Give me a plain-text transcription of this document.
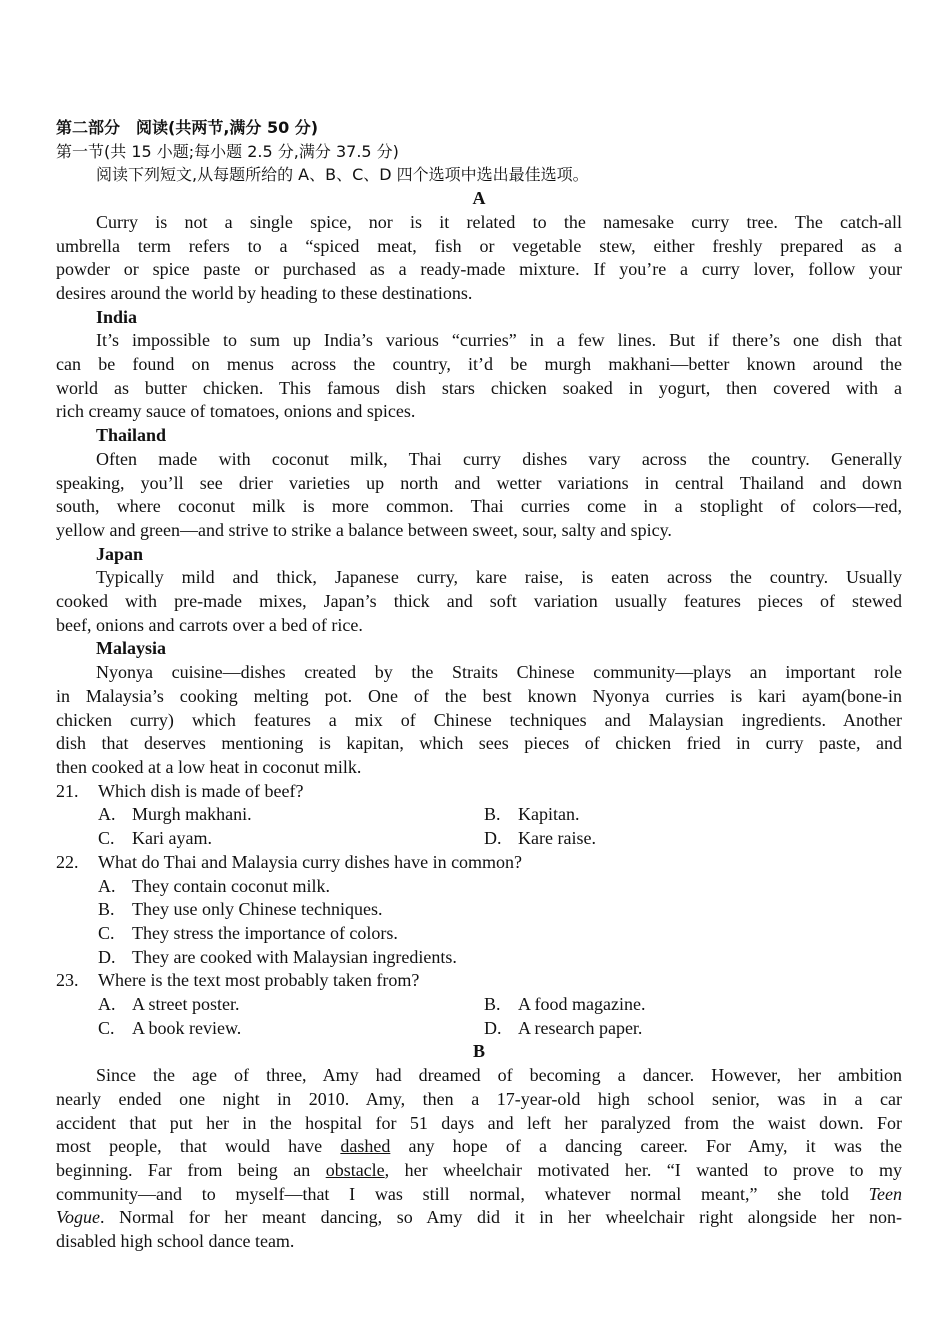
第二部分　阅读(共两节,满分 50 分)
第一节(共 15 小题;每小题 2.5 分,满分 37.5 分)
阅读下列短文,从每题所给的 A、B、C、D 四个选项中选出最佳选项。
A
Curry is not a single spice, nor is it related to the namesake curry tree. The catch-all
umbrella term refers to a “spiced meat, fish or vegetable stew, either freshly prepared as a
powder or spice paste or purchased as a ready-made mixture. If you’re a curry lover, follow your
desires around the world by heading to these destinations.
India
It’s impossible to sum up India’s various “curries” in a few lines. But if there’s one dish that
can be found on menus across the country, it’d be murgh makhani—better known around the
world as butter chicken. This famous dish stars chicken soaked in yogurt, then covered with a
rich creamy sauce of tomatoes, onions and spices.
Thailand
Often made with coconut milk, Thai curry dishes vary across the country. Generally
speaking, you’ll see drier varieties up north and wetter variations in central Thailand and down
south, where coconut milk is more common. Thai curries come in a stoplight of colors—red,
yellow and green—and strive to strike a balance between sweet, sour, salty and spicy.
Japan
Typically mild and thick, Japanese curry, kare raise, is eaten across the country. Usually
cooked with pre-made mixes, Japan’s thick and soft variation usually features pieces of stewed
beef, onions and carrots over a bed of rice.
Malaysia
Nyonya cuisine—dishes created by the Straits Chinese community—plays an important role
in Malaysia’s cooking melting pot. One of the best known Nyonya curries is kari ayam(bone-in
chicken curry) which features a mix of Chinese techniques and Malaysian ingredients. Another
dish that deserves mentioning is kapitan, which sees pieces of chicken fried in curry paste, and
then cooked at a low heat in coconut milk.
21.	Which dish is made of beef?
A. Murgh makhani.	B. Kapitan.
C. Kari ayam.	D. Kare raise.
22.	What do Thai and Malaysia curry dishes have in common?
A. They contain coconut milk.
B. They use only Chinese techniques.
C. They stress the importance of colors.
D. They are cooked with Malaysian ingredients.
23.	Where is the text most probably taken from?
A. A street poster.	B. A food magazine.
C. A book review.	D. A research paper.
B
Since the age of three, Amy had dreamed of becoming a dancer. However, her ambition
nearly ended one night in 2010. Amy, then a 17-year-old high school senior, was in a car
accident that put her in the hospital for 51 days and left her paralyzed from the waist down. For
most people, that would have dashed any hope of a dancing career. For Amy, it was the
beginning. Far from being an obstacle, her wheelchair motivated her. “I wanted to prove to my
community—and to myself—that I was still normal, whatever normal meant,” she told Teen
Vogue. Normal for her meant dancing, so Amy did it in her wheelchair right alongside her non-
disabled high school dance team.
